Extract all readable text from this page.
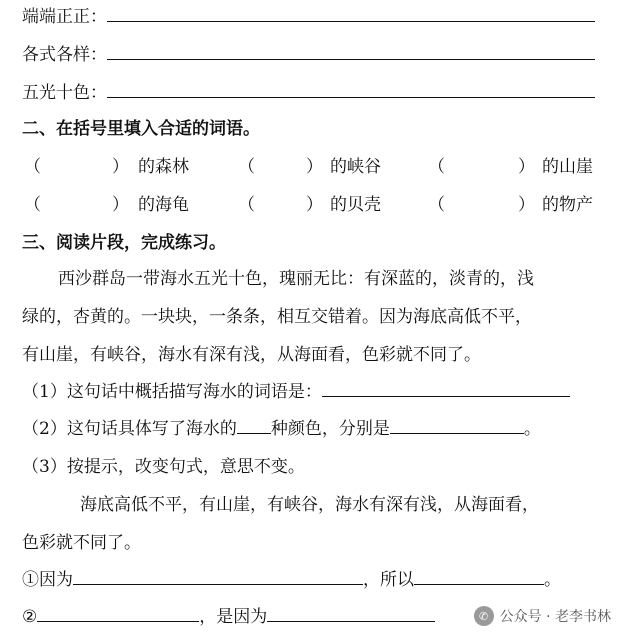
端端正正：
各式各样：
五光十色：
二、在括号里填入合适的词语。
（	） 的森林	（	） 的峡谷	（	） 的山崖
（	） 的海龟	（	） 的贝壳	（	） 的物产
三、阅读片段，完成练习。
西沙群岛一带海水五光十色，瑰丽无比：有深蓝的，淡青的，浅
绿的，杏黄的。一块块，一条条，相互交错着。因为海底高低不平，
有山崖，有峡谷，海水有深有浅，从海面看，色彩就不同了。
（1）这句话中概括描写海水的词语是：
（2）这句话具体写了海水的 种颜色，分别是	。
（3）按提示，改变句式，意思不变。
海底高低不平，有山崖，有峡谷，海水有深有浅，从海面看，
色彩就不同了。
①因为	，所以	。
②	，是因为	✆ 公众号 · 老李书林
